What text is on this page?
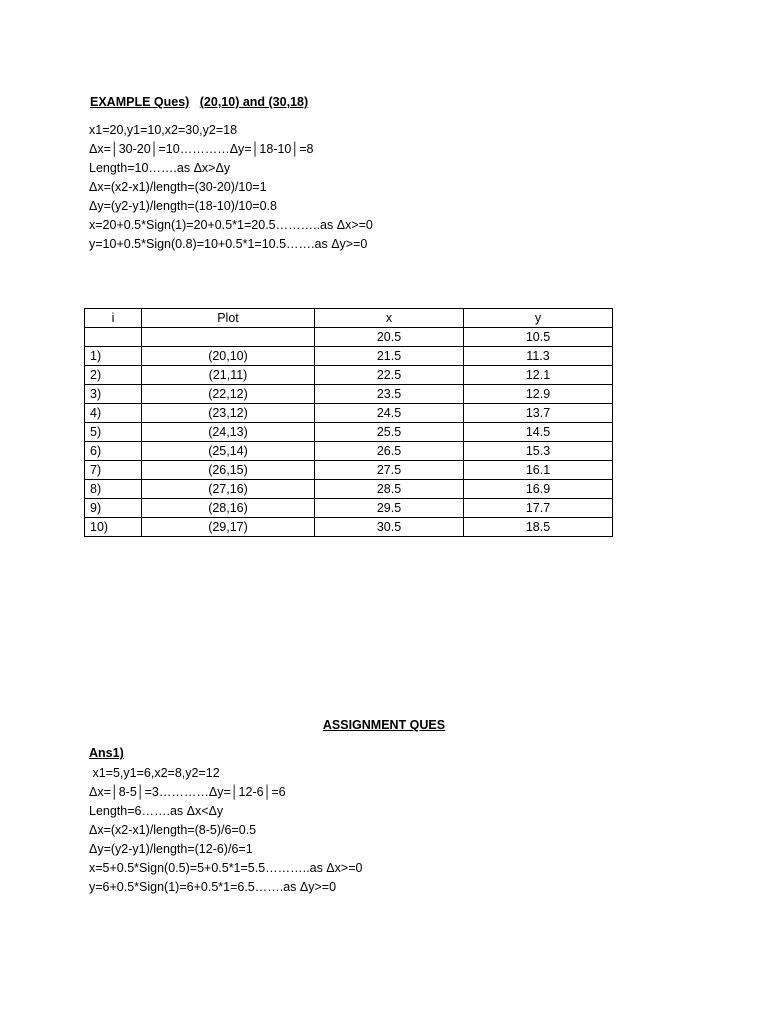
EXAMPLE Ques) (20,10) and (30,18)
x1=20,y1=10,x2=30,y2=18
Δx=│30-20│=10…………Δy=│18-10│=8
Length=10…….as Δx>Δy
Δx=(x2-x1)/length=(30-20)/10=1
Δy=(y2-y1)/length=(18-10)/10=0.8
x=20+0.5*Sign(1)=20+0.5*1=20.5………..as Δx>=0
y=10+0.5*Sign(0.8)=10+0.5*1=10.5…….as Δy>=0
i	Plot	x	y
		20.5	10.5
1)	(20,10)	21.5	11.3
2)	(21,11)	22.5	12.1
3)	(22,12)	23.5	12.9
4)	(23,12)	24.5	13.7
5)	(24,13)	25.5	14.5
6)	(25,14)	26.5	15.3
7)	(26,15)	27.5	16.1
8)	(27,16)	28.5	16.9
9)	(28,16)	29.5	17.7
10)	(29,17)	30.5	18.5
ASSIGNMENT QUES
Ans1)
x1=5,y1=6,x2=8,y2=12
Δx=│8-5│=3…………Δy=│12-6│=6
Length=6…….as Δx<Δy
Δx=(x2-x1)/length=(8-5)/6=0.5
Δy=(y2-y1)/length=(12-6)/6=1
x=5+0.5*Sign(0.5)=5+0.5*1=5.5………..as Δx>=0
y=6+0.5*Sign(1)=6+0.5*1=6.5…….as Δy>=0
